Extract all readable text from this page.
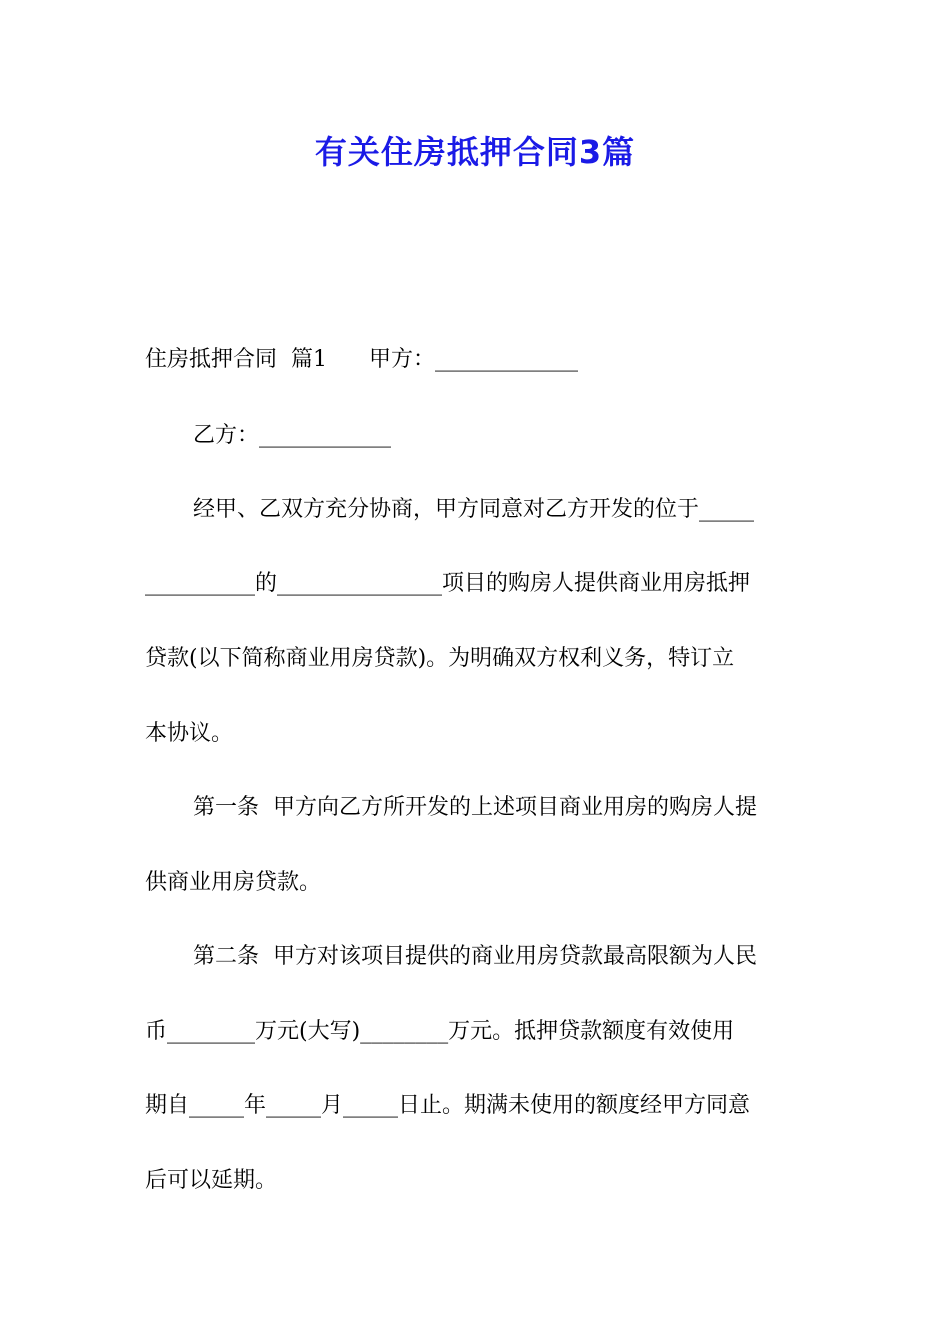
有关住房抵押合同3篇

住房抵押合同  篇1      甲方：_____________

乙方：____________

经甲、乙双方充分协商，甲方同意对乙方开发的位于_____

__________的_______________项目的购房人提供商业用房抵押

贷款(以下简称商业用房贷款)。为明确双方权利义务，特订立

本协议。

第一条  甲方向乙方所开发的上述项目商业用房的购房人提

供商业用房贷款。

第二条  甲方对该项目提供的商业用房贷款最高限额为人民

币________万元(大写)________万元。抵押贷款额度有效使用

期自_____年_____月_____日止。期满未使用的额度经甲方同意

后可以延期。
